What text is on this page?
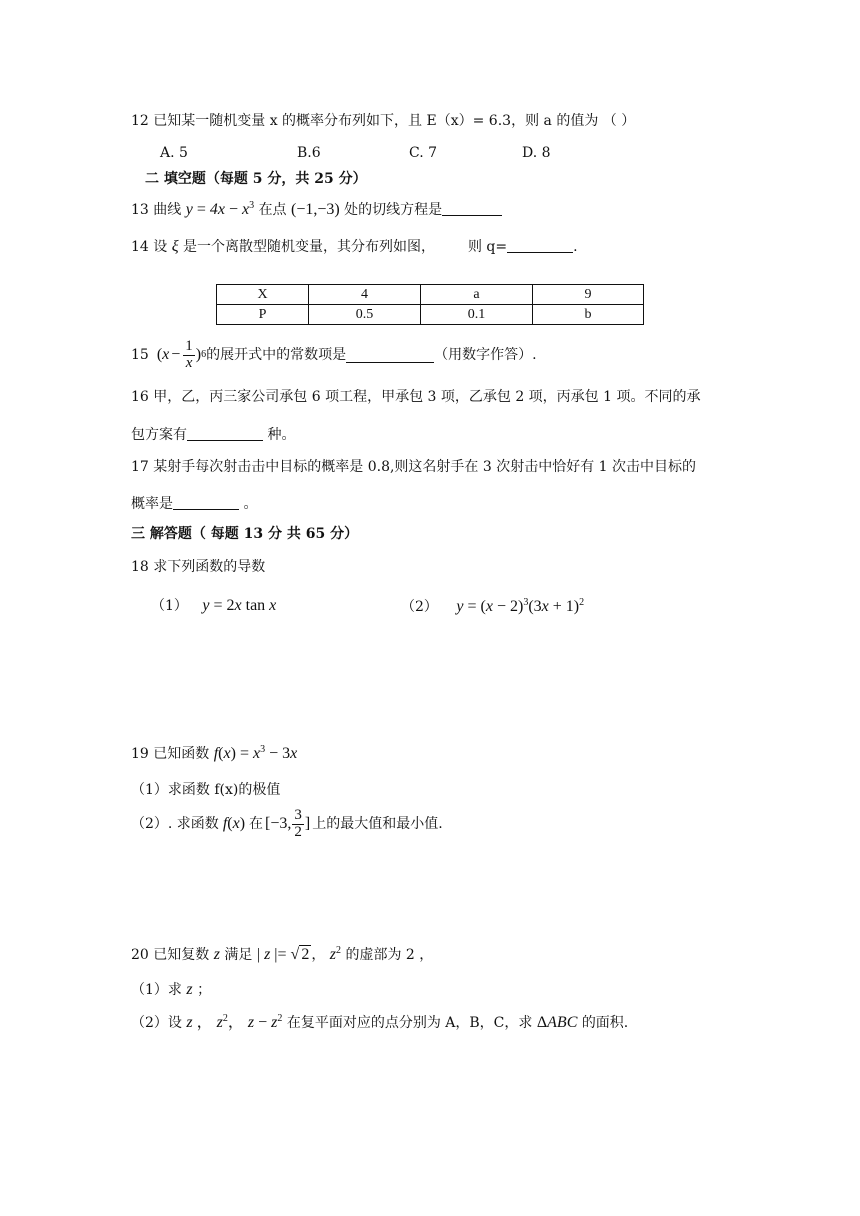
12 已知某一随机变量 x 的概率分布列如下，且 E（x）= 6.3，则 a 的值为 （ ）
A. 5	B.6	C. 7	D. 8
二 填空题（每题 5 分，共 25 分）
13 曲线 $y = 4x - x^3$ 在点 (−1,−3) 处的切线方程是
14 设 ξ 是一个离散型随机变量，其分布列如图， 则 q=	.
X	4	a	9
P	0.5	0.1	b
15 ( $x - \frac{1}{x}$ ) 6 的展开式中的常数项是	（用数字作答）.
16 甲，乙，丙三家公司承包 6 项工程，甲承包 3 项，乙承包 2 项，丙承包 1 项。不同的承
包方案有	种。
17 某射手每次射击击中目标的概率是 0.8,则这名射手在 3 次射击中恰好有 1 次击中目标的
概率是	。
三 解答题（ 每题 13 分 共 65 分）
18 求下列函数的导数
（1） y = 2x tan x	（2） $y = (x - 2)^3(3x + 1)^2$
19 已知函数 $f(x) = x^3 - 3x$
（1）求函数 f(x)的极值
（2）. 求函数 f(x) 在 [−3, $\frac{3}{2}$ ] 上的最大值和最小值.
20 已知复数 z 满足 | z |= √ 2 ， $z^2$ 的虚部为 2 ，
（1）求 z ；
（2）设 z ， $z^2$， $z - z^2$ 在复平面对应的点分别为 A，B，C，求 ΔABC 的面积.
